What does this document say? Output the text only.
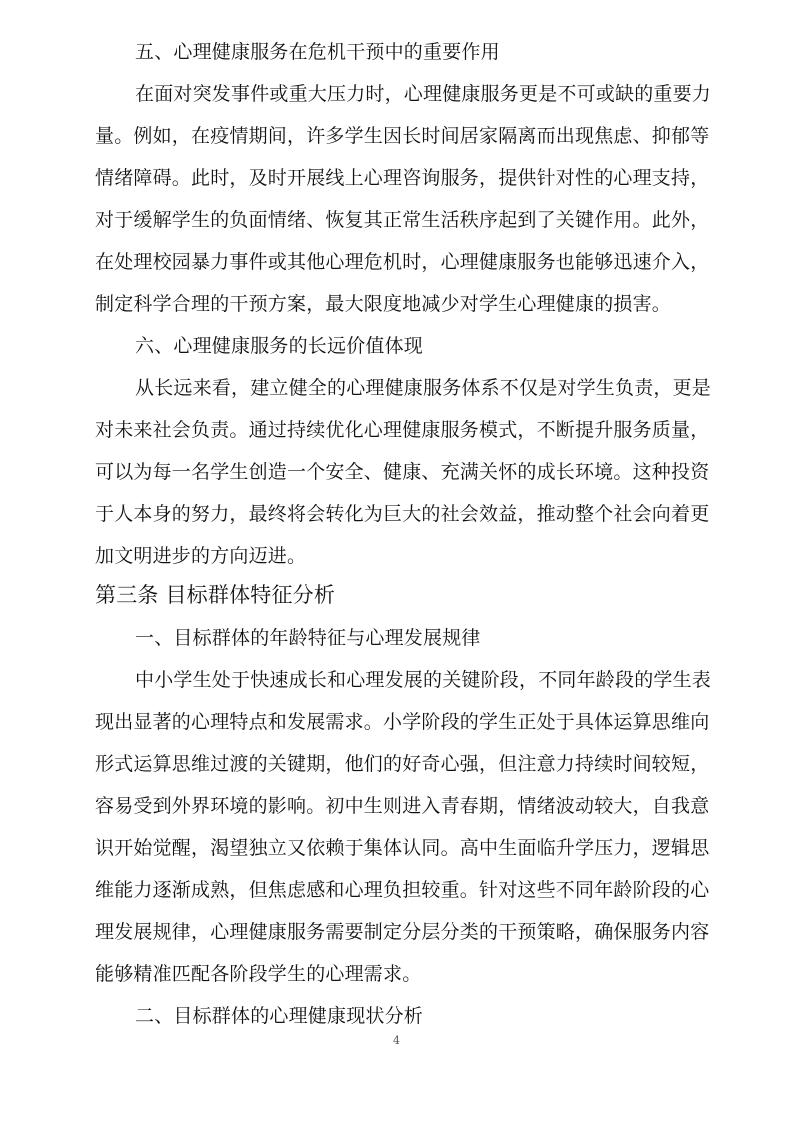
五、心理健康服务在危机干预中的重要作用
在面对突发事件或重大压力时，心理健康服务更是不可或缺的重要力
量。例如，在疫情期间，许多学生因长时间居家隔离而出现焦虑、抑郁等
情绪障碍。此时，及时开展线上心理咨询服务，提供针对性的心理支持，
对于缓解学生的负面情绪、恢复其正常生活秩序起到了关键作用。此外，
在处理校园暴力事件或其他心理危机时，心理健康服务也能够迅速介入，
制定科学合理的干预方案，最大限度地减少对学生心理健康的损害。
六、心理健康服务的长远价值体现
从长远来看，建立健全的心理健康服务体系不仅是对学生负责，更是
对未来社会负责。通过持续优化心理健康服务模式，不断提升服务质量，
可以为每一名学生创造一个安全、健康、充满关怀的成长环境。这种投资
于人本身的努力，最终将会转化为巨大的社会效益，推动整个社会向着更
加文明进步的方向迈进。
第三条 目标群体特征分析
一、目标群体的年龄特征与心理发展规律
中小学生处于快速成长和心理发展的关键阶段，不同年龄段的学生表
现出显著的心理特点和发展需求。小学阶段的学生正处于具体运算思维向
形式运算思维过渡的关键期，他们的好奇心强，但注意力持续时间较短，
容易受到外界环境的影响。初中生则进入青春期，情绪波动较大，自我意
识开始觉醒，渴望独立又依赖于集体认同。高中生面临升学压力，逻辑思
维能力逐渐成熟，但焦虑感和心理负担较重。针对这些不同年龄阶段的心
理发展规律，心理健康服务需要制定分层分类的干预策略，确保服务内容
能够精准匹配各阶段学生的心理需求。
二、目标群体的心理健康现状分析
4
